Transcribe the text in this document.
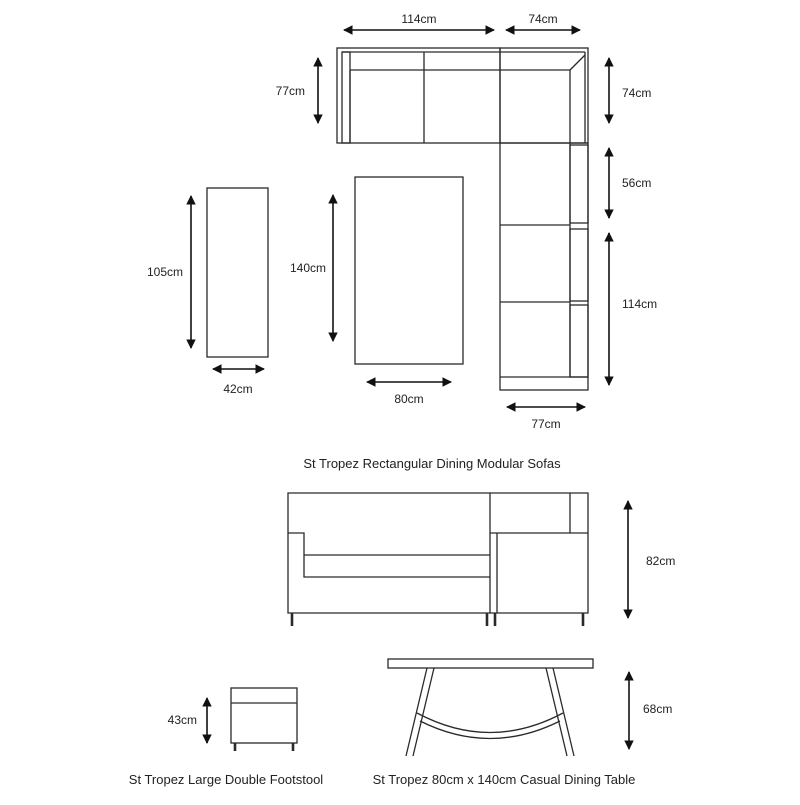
114cm	74cm
77cm	74cm
56cm
114cm
77cm
105cm
42cm
140cm
80cm
St Tropez Rectangular Dining Modular Sofas
82cm
43cm
St Tropez Large Double Footstool
68cm
St Tropez 80cm x 140cm Casual Dining Table
